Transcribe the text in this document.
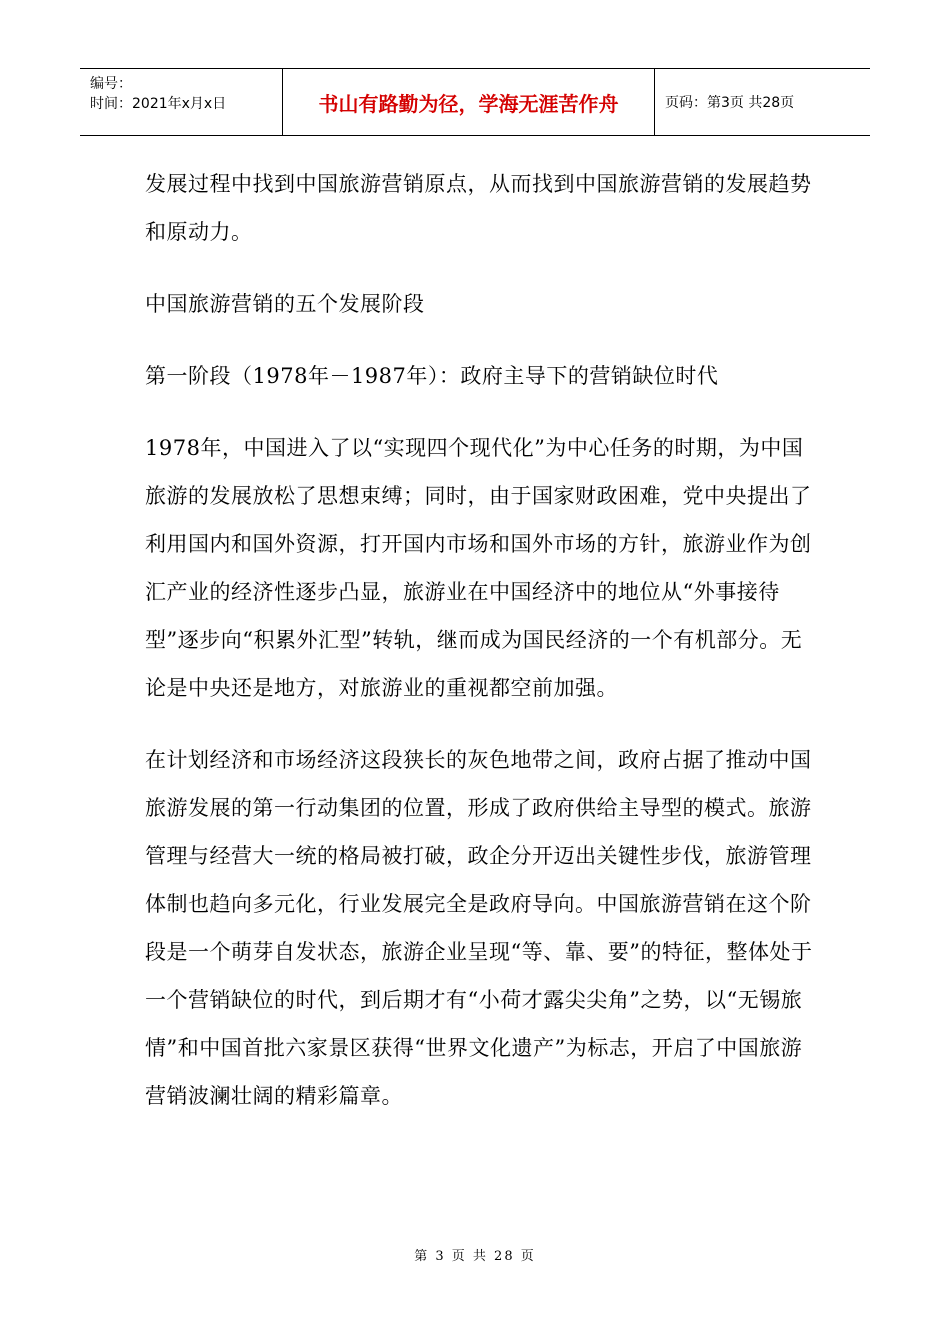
编号：
时间：2021年x月x日	书山有路勤为径，学海无涯苦作舟	页码：第3页 共28页

发展过程中找到中国旅游营销原点，从而找到中国旅游营销的发展趋势和原动力。

中国旅游营销的五个发展阶段

第一阶段（1978年－1987年）：政府主导下的营销缺位时代

1978年，中国进入了以“实现四个现代化”为中心任务的时期，为中国旅游的发展放松了思想束缚；同时，由于国家财政困难，党中央提出了利用国内和国外资源，打开国内市场和国外市场的方针，旅游业作为创汇产业的经济性逐步凸显，旅游业在中国经济中的地位从“外事接待型”逐步向“积累外汇型”转轨，继而成为国民经济的一个有机部分。无论是中央还是地方，对旅游业的重视都空前加强。

在计划经济和市场经济这段狭长的灰色地带之间，政府占据了推动中国旅游发展的第一行动集团的位置，形成了政府供给主导型的模式。旅游管理与经营大一统的格局被打破，政企分开迈出关键性步伐，旅游管理体制也趋向多元化，行业发展完全是政府导向。中国旅游营销在这个阶段是一个萌芽自发状态，旅游企业呈现“等、靠、要”的特征，整体处于一个营销缺位的时代，到后期才有“小荷才露尖尖角”之势，以“无锡旅情”和中国首批六家景区获得“世界文化遗产”为标志，开启了中国旅游营销波澜壮阔的精彩篇章。

第 3 页 共 28 页
